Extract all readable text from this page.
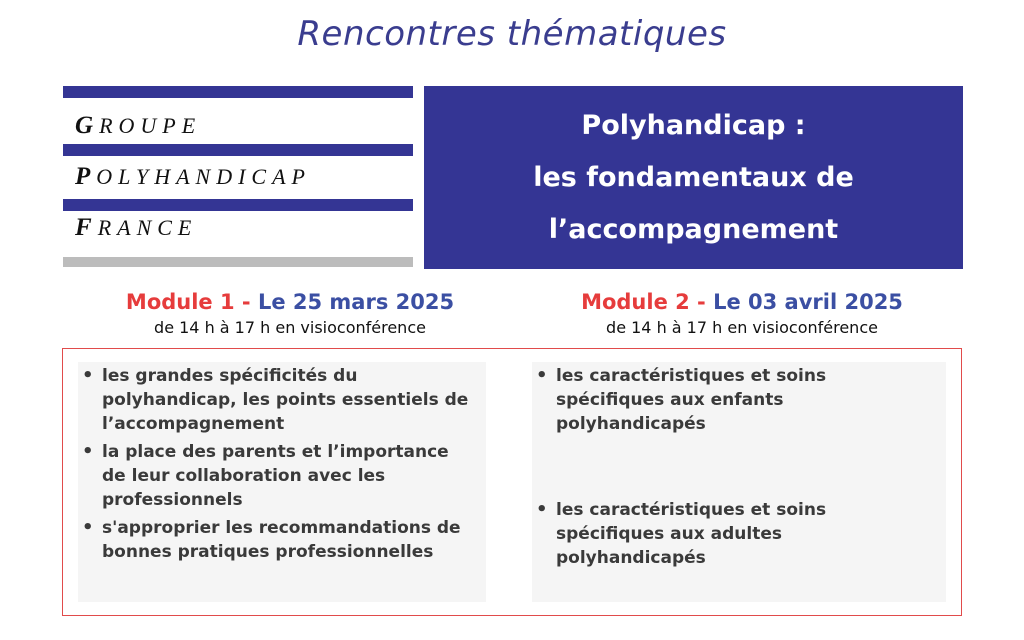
Rencontres thématiques
GROUPE
POLYHANDICAP
FRANCE
Polyhandicap :
les fondamentaux de
l’accompagnement
Module 1 - Le 25 mars 2025
de 14 h à 17 h en visioconférence
Module 2 - Le 03 avril 2025
de 14 h à 17 h en visioconférence
• les grandes spécificités du polyhandicap, les points essentiels de l’accompagnement
• la place des parents et l’importance de leur collaboration avec les professionnels
• s'approprier les recommandations de bonnes pratiques professionnelles
• les caractéristiques et soins spécifiques aux enfants polyhandicapés
• les caractéristiques et soins spécifiques aux adultes polyhandicapés
